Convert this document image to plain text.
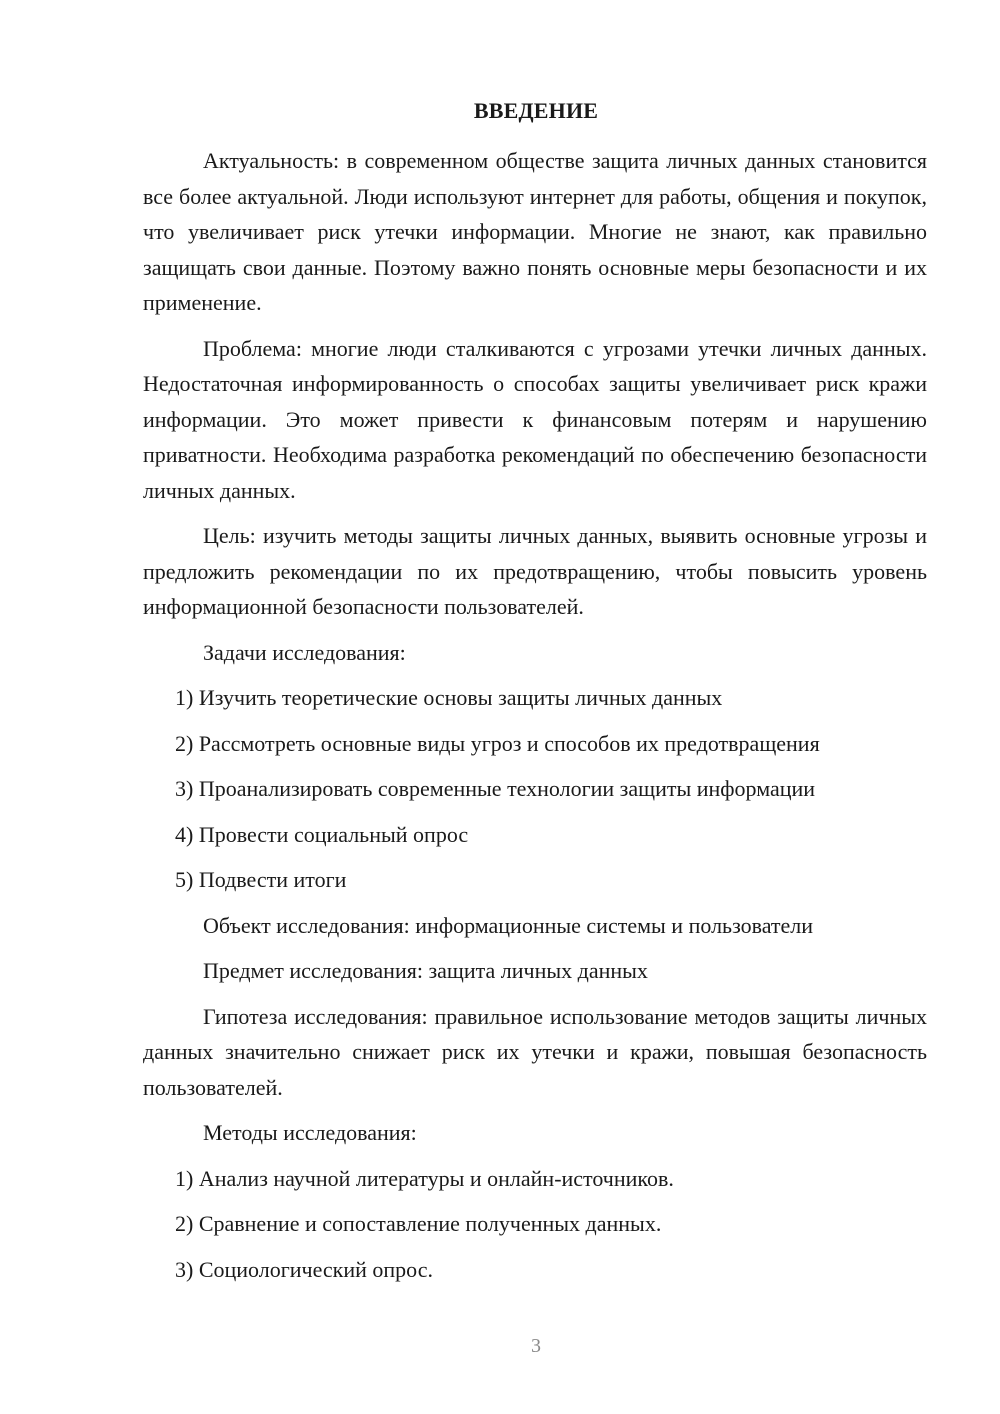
ВВЕДЕНИЕ

Актуальность: в современном обществе защита личных данных становится все более актуальной. Люди используют интернет для работы, общения и покупок, что увеличивает риск утечки информации. Многие не знают, как правильно защищать свои данные. Поэтому важно понять основные меры безопасности и их применение.

Проблема: многие люди сталкиваются с угрозами утечки личных данных. Недостаточная информированность о способах защиты увеличивает риск кражи информации. Это может привести к финансовым потерям и нарушению приватности. Необходима разработка рекомендаций по обеспечению безопасности личных данных.

Цель: изучить методы защиты личных данных, выявить основные угрозы и предложить рекомендации по их предотвращению, чтобы повысить уровень информационной безопасности пользователей.

Задачи исследования:

1) Изучить теоретические основы защиты личных данных

2) Рассмотреть основные виды угроз и способов их предотвращения

3) Проанализировать современные технологии защиты информации

4) Провести социальный опрос

5) Подвести итоги

Объект исследования: информационные системы и пользователи

Предмет исследования: защита личных данных

Гипотеза исследования: правильное использование методов защиты личных данных значительно снижает риск их утечки и кражи, повышая безопасность пользователей.

Методы исследования:

1) Анализ научной литературы и онлайн-источников.

2) Сравнение и сопоставление полученных данных.

3) Социологический опрос.

3
